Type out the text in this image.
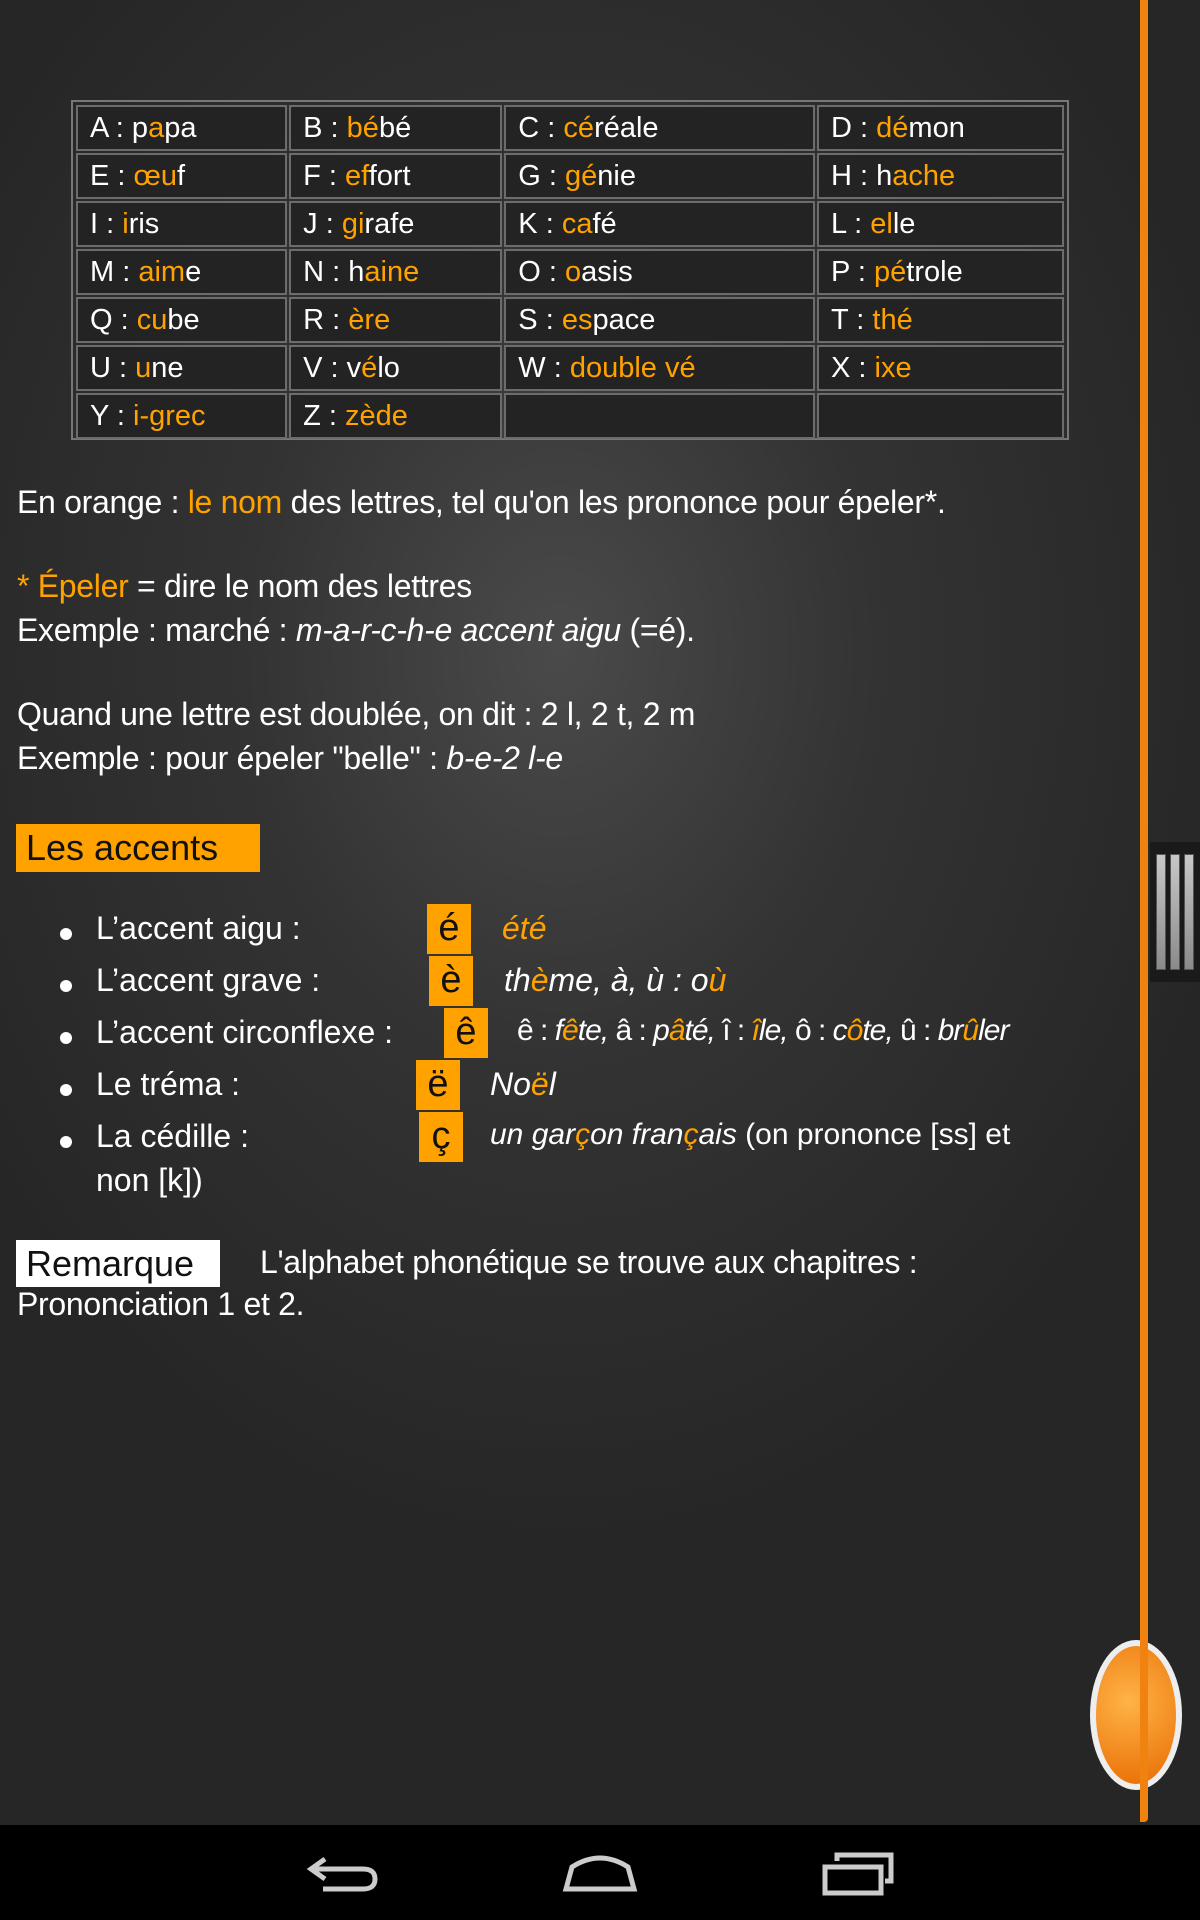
A : papa	B : bébé	C : céréale	D : démon
E : œuf	F : effort	G : génie	H : hache
I : iris	J : girafe	K : café	L : elle
M : aime	N : haine	O : oasis	P : pétrole
Q : cube	R : ère	S : espace	T : thé
U : une	V : vélo	W : double vé	X : ixe
Y : i-grec	Z : zède
En orange : le nom des lettres, tel qu'on les prononce pour épeler*.
* Épeler = dire le nom des lettres
Exemple : marché : m-a-r-c-h-e accent aigu (=é).
Quand une lettre est doublée, on dit : 2 l, 2 t, 2 m
Exemple : pour épeler "belle" : b-e-2 l-e
Les accents
L’accent aigu :	é	été
L’accent grave :	è	thème, à, ù : où
L’accent circonflexe :	ê	ê : fête, â : pâté, î : île, ô : côte, û : brûler
Le tréma :	ë	Noël
La cédille :	ç	un garçon français (on prononce [ss] et
non [k])
Remarque	L'alphabet phonétique se trouve aux chapitres :
Prononciation 1 et 2.
